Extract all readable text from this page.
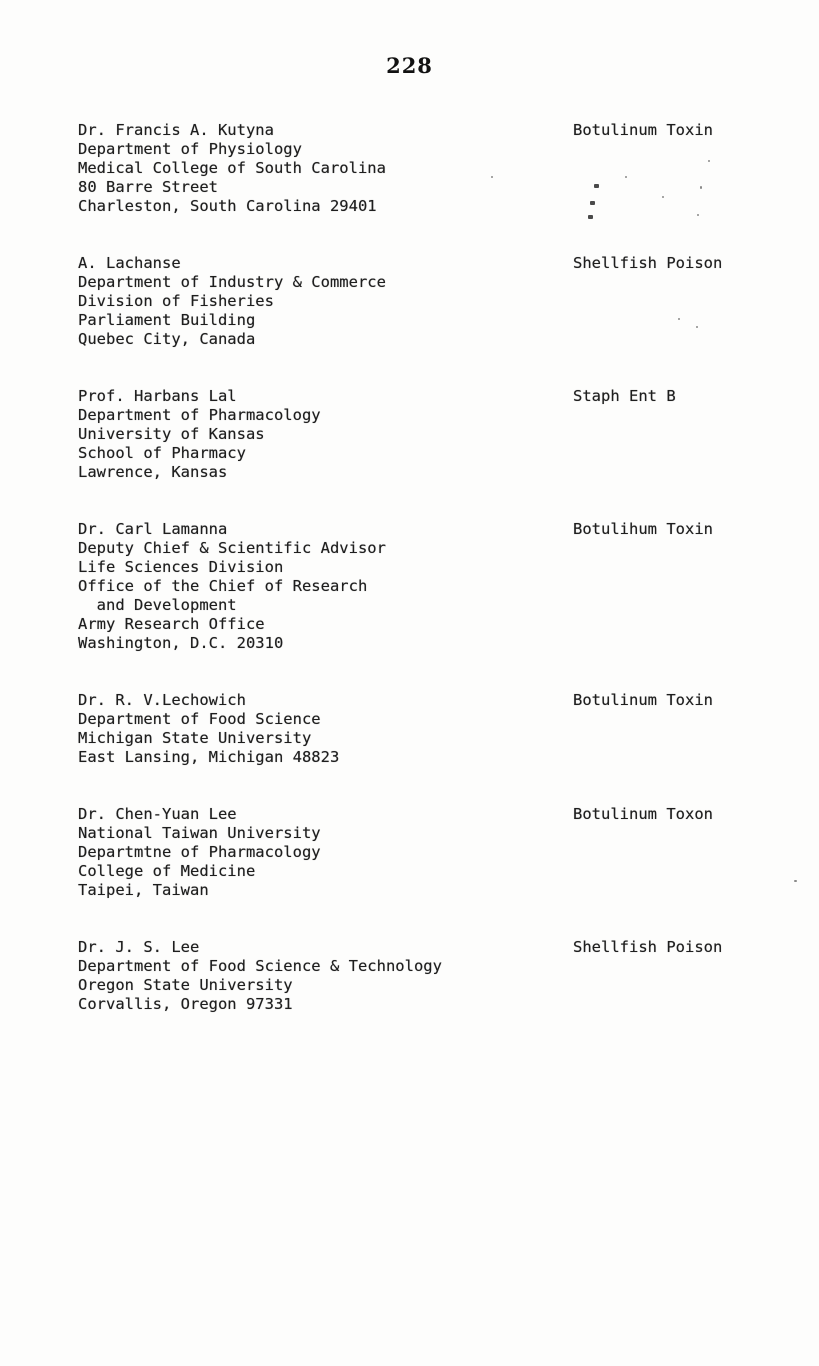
228
Dr. Francis A. Kutyna
Department of Physiology
Medical College of South Carolina
80 Barre Street
Charleston, South Carolina 29401
Botulinum Toxin
A. Lachanse
Department of Industry & Commerce
Division of Fisheries
Parliament Building
Quebec City, Canada
Shellfish Poison
Prof. Harbans Lal
Department of Pharmacology
University of Kansas
School of Pharmacy
Lawrence, Kansas
Staph Ent B
Dr. Carl Lamanna
Deputy Chief & Scientific Advisor
Life Sciences Division
Office of the Chief of Research
and Development
Army Research Office
Washington, D.C. 20310
Botulihum Toxin
Dr. R. V.Lechowich
Department of Food Science
Michigan State University
East Lansing, Michigan 48823
Botulinum Toxin
Dr. Chen-Yuan Lee
National Taiwan University
Departmtne of Pharmacology
College of Medicine
Taipei, Taiwan
Botulinum Toxon
Dr. J. S. Lee
Department of Food Science & Technology
Oregon State University
Corvallis, Oregon 97331
Shellfish Poison
